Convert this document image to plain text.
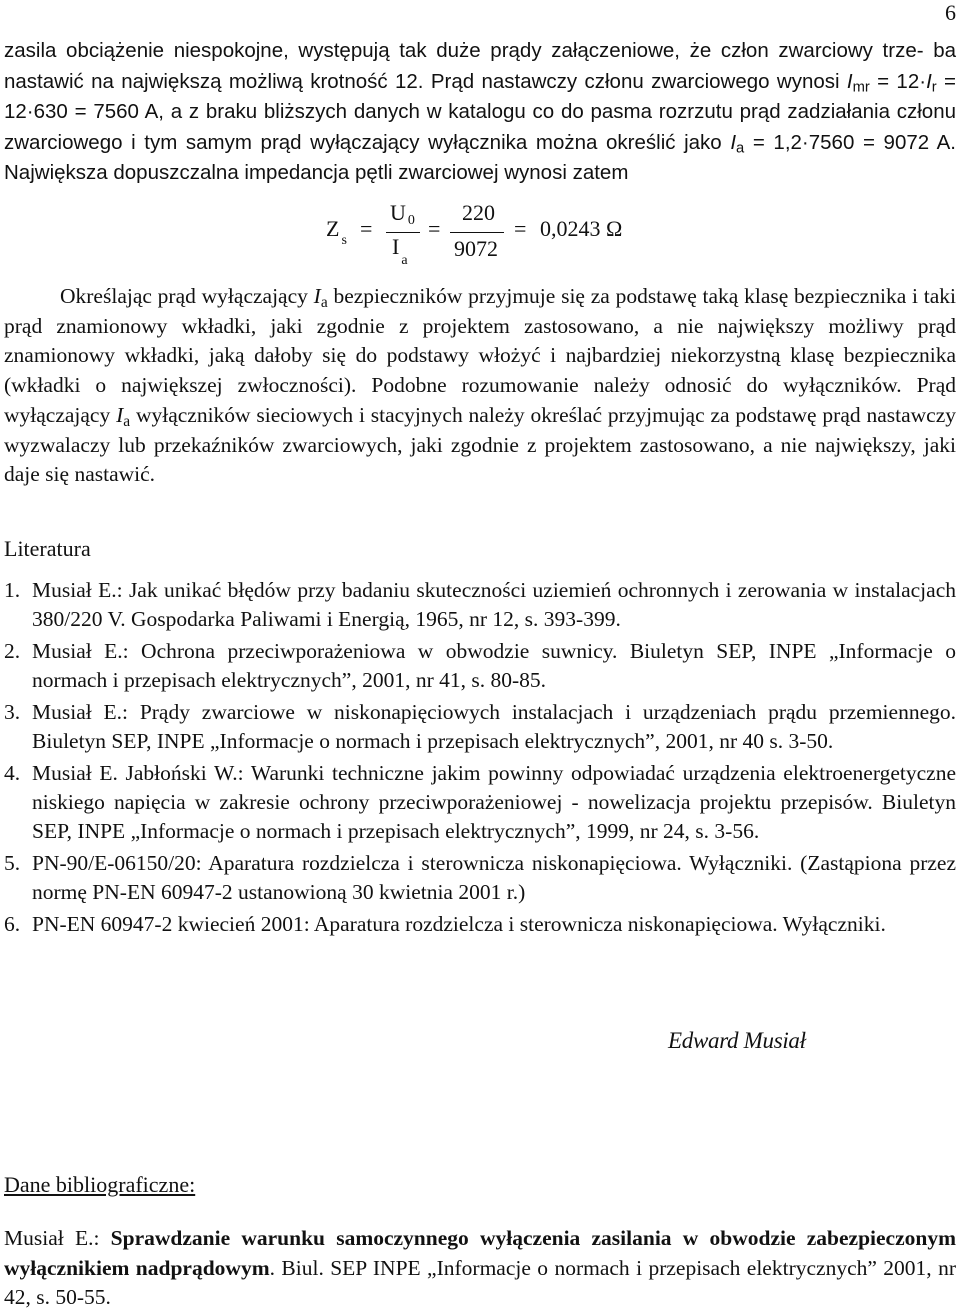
6
zasila obciążenie niespokojne, występują tak duże prądy załączeniowe, że człon zwarciowy trze- ba nastawić na największą możliwą krotność 12. Prąd nastawczy członu zwarciowego wynosi $I_{mr} = 12\cdot I_r = 12\cdot 630 = 7560$ A, a z braku bliższych danych w katalogu co do pasma rozrzutu prąd zadziałania członu zwarciowego i tym samym prąd wyłączający wyłącznika można określić jako $I_a = 1,2\cdot 7560 = 9072$ A. Największa dopuszczalna impedancja pętli zwarciowej wynosi zatem
Z $_s$ =
U 0
$I_a$
=
220
9072
= 0,0243 Ω
Określając prąd wyłączający $I_a$ bezpieczników przyjmuje się za podstawę taką klasę bezpiecznika i taki prąd znamionowy wkładki, jaki zgodnie z projektem zastosowano, a nie największy możliwy prąd znamionowy wkładki, jaką dałoby się do podstawy włożyć i najbardziej niekorzystną klasę bezpiecznika (wkładki o największej zwłoczności). Podobne rozumowanie należy odnosić do wyłączników. Prąd wyłączający $I_a$ wyłączników sieciowych i stacyjnych należy określać przyjmując za podstawę prąd nastawczy wyzwalaczy lub przekaźników zwarciowych, jaki zgodnie z projektem zastosowano, a nie największy, jaki daje się nastawić.
Literatura
1. Musiał E.: Jak unikać błędów przy badaniu skuteczności uziemień ochronnych i zerowania w instalacjach 380/220 V. Gospodarka Paliwami i Energią, 1965, nr 12, s. 393-399.
2. Musiał E.: Ochrona przeciwporażeniowa w obwodzie suwnicy. Biuletyn SEP, INPE „Informacje o normach i przepisach elektrycznych”, 2001, nr 41, s. 80-85.
3. Musiał E.: Prądy zwarciowe w niskonapięciowych instalacjach i urządzeniach prądu przemiennego. Biuletyn SEP, INPE „Informacje o normach i przepisach elektrycznych”, 2001, nr 40 s. 3-50.
4. Musiał E. Jabłoński W.: Warunki techniczne jakim powinny odpowiadać urządzenia elektroenergetyczne niskiego napięcia w zakresie ochrony przeciwporażeniowej - nowelizacja projektu przepisów. Biuletyn SEP, INPE „Informacje o normach i przepisach elektrycznych”, 1999, nr 24, s. 3-56.
5. PN-90/E-06150/20: Aparatura rozdzielcza i sterownicza niskonapięciowa. Wyłączniki. (Zastąpiona przez normę PN-EN 60947-2 ustanowioną 30 kwietnia 2001 r.)
6. PN-EN 60947-2 kwiecień 2001: Aparatura rozdzielcza i sterownicza niskonapięciowa. Wyłączniki.
Edward Musiał
Dane bibliograficzne:
Musiał E.: Sprawdzanie warunku samoczynnego wyłączenia zasilania w obwodzie zabezpieczonym wyłącznikiem nadprądowym. Biul. SEP INPE „Informacje o normach i przepisach elektrycznych” 2001, nr 42, s. 50-55.
